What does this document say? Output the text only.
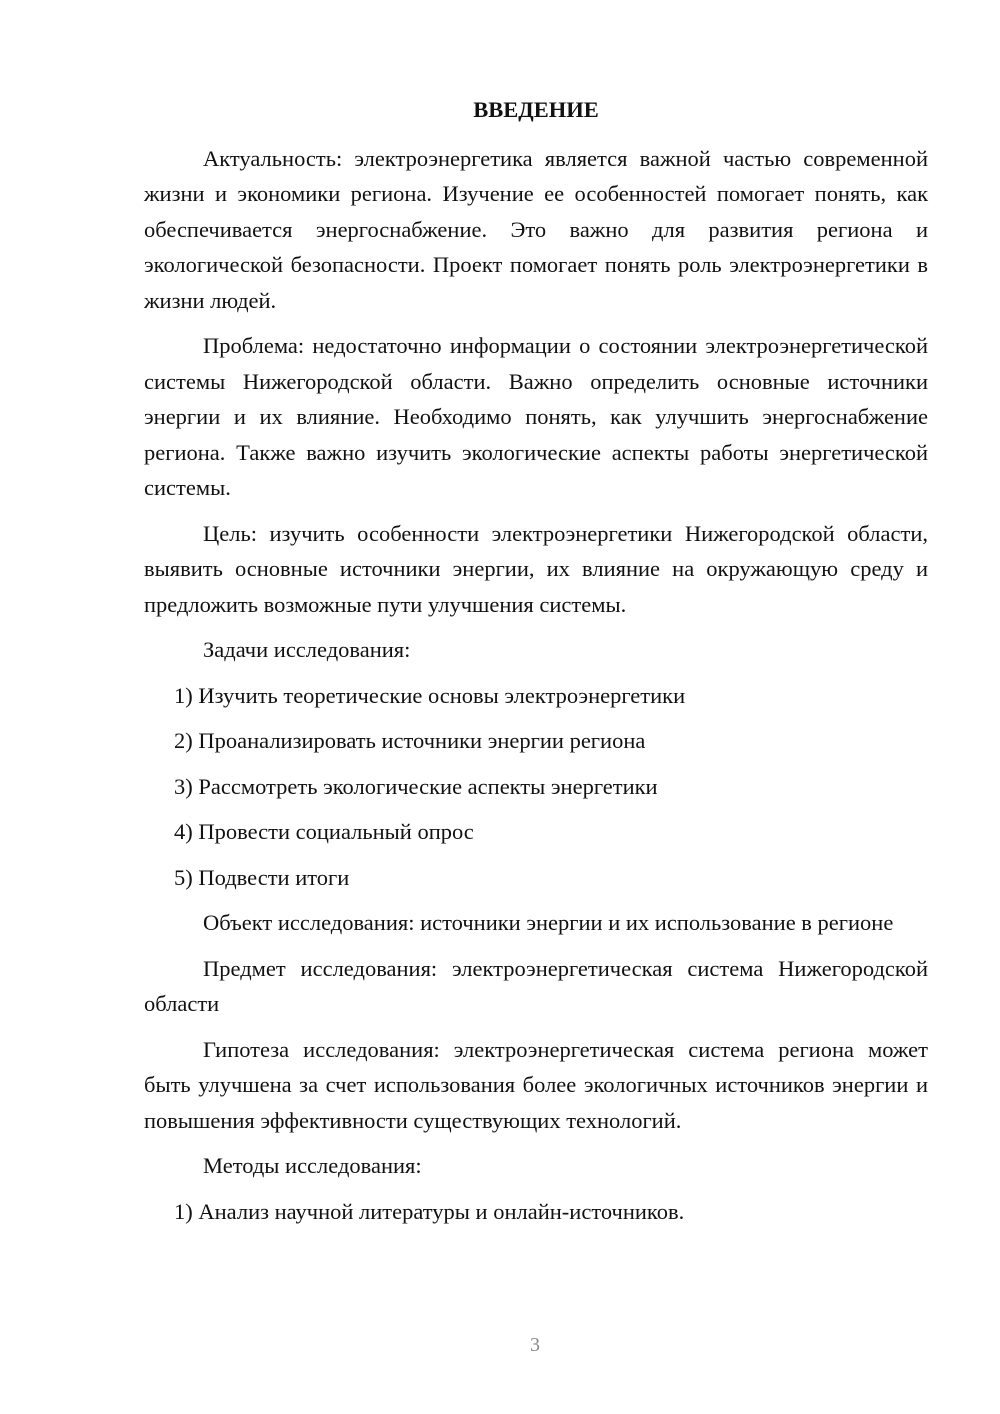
ВВЕДЕНИЕ

Актуальность: электроэнергетика является важной частью современной жизни и экономики региона. Изучение ее особенностей помогает понять, как обеспечивается энергоснабжение. Это важно для развития региона и экологической безопасности. Проект помогает понять роль электроэнергетики в жизни людей.

Проблема: недостаточно информации о состоянии электроэнергетической системы Нижегородской области. Важно определить основные источники энергии и их влияние. Необходимо понять, как улучшить энергоснабжение региона. Также важно изучить экологические аспекты работы энергетической системы.

Цель: изучить особенности электроэнергетики Нижегородской области, выявить основные источники энергии, их влияние на окружающую среду и предложить возможные пути улучшения системы.

Задачи исследования:

1) Изучить теоретические основы электроэнергетики
2) Проанализировать источники энергии региона
3) Рассмотреть экологические аспекты энергетики
4) Провести социальный опрос
5) Подвести итоги

Объект исследования: источники энергии и их использование в регионе

Предмет исследования: электроэнергетическая система Нижегородской области

Гипотеза исследования: электроэнергетическая система региона может быть улучшена за счет использования более экологичных источников энергии и повышения эффективности существующих технологий.

Методы исследования:

1) Анализ научной литературы и онлайн-источников.
3
